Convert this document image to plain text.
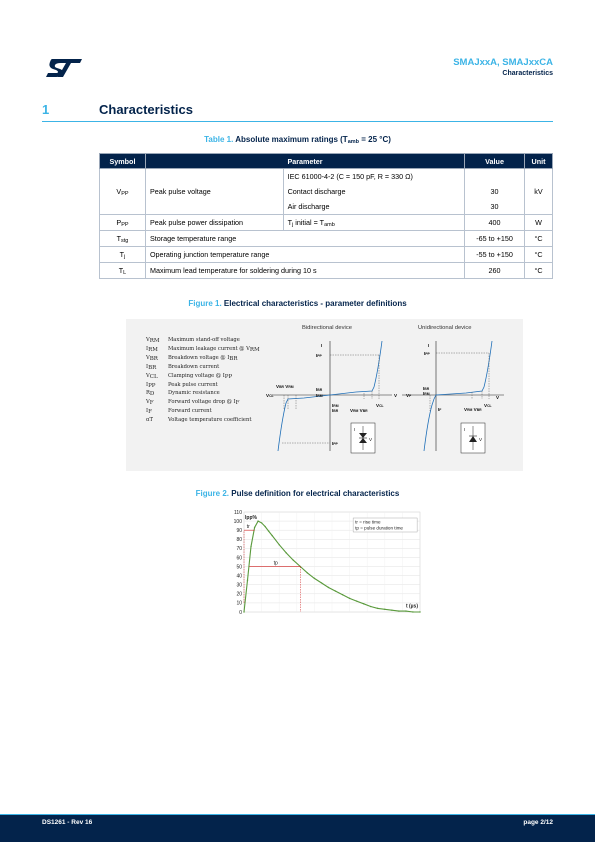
SMAJxxA, SMAJxxCA
Characteristics
1	Characteristics
Table 1. Absolute maximum ratings ($T_{amb} = 25$ °C)
Symbol	Parameter		Value	Unit
$V_{PP}$	Peak pulse voltage	IEC 61000-4-2 (C = 150 pF, R = 330 Ω)		kV
		Contact discharge	30	
		Air discharge	30	
$P_{PP}$	Peak pulse power dissipation	$T_j$ initial = $T_{amb}$	400	W
$T_{stg}$	Storage temperature range		-65 to +150	°C
$T_j$	Operating junction temperature range		-55 to +150	°C
$T_L$	Maximum lead temperature for soldering during 10 s		260	°C
Figure 1. Electrical characteristics - parameter definitions
$V_{RM}$ Maximum stand-off voltage
$I_{RM}$ Maximum leakage current @ $V_{RM}$
$V_{BR}$ Breakdown voltage @ $I_{BR}$
$I_{BR}$ Breakdown current
$V_{CL}$ Clamping voltage @ $I_{PP}$
$I_{PP}$ Peak pulse current
$R_D$	Dynamic resistance
$V_F$	Forward voltage drop @ $I_F$
$I_F$	Forward current
αT	Voltage temperature coefficient
Bidirectional device	Unidirectional device
I
IPP
V
VCL
VBR VRM	IBR
IRM
IRM
IBR	VRM VBR
VCL
IPP
I
V
I
IPP
V
VF
IBR
IRM
IF	VRM VBR
VCL
I
V
Figure 2. Pulse definition for electrical characteristics
0
10
20
30
40
50
60
70
80
90
100
110
tr
tp
Ipp%
t (µs)
tr = rise time
tp = pulse duration time
DS1261 - Rev 16	page 2/12
